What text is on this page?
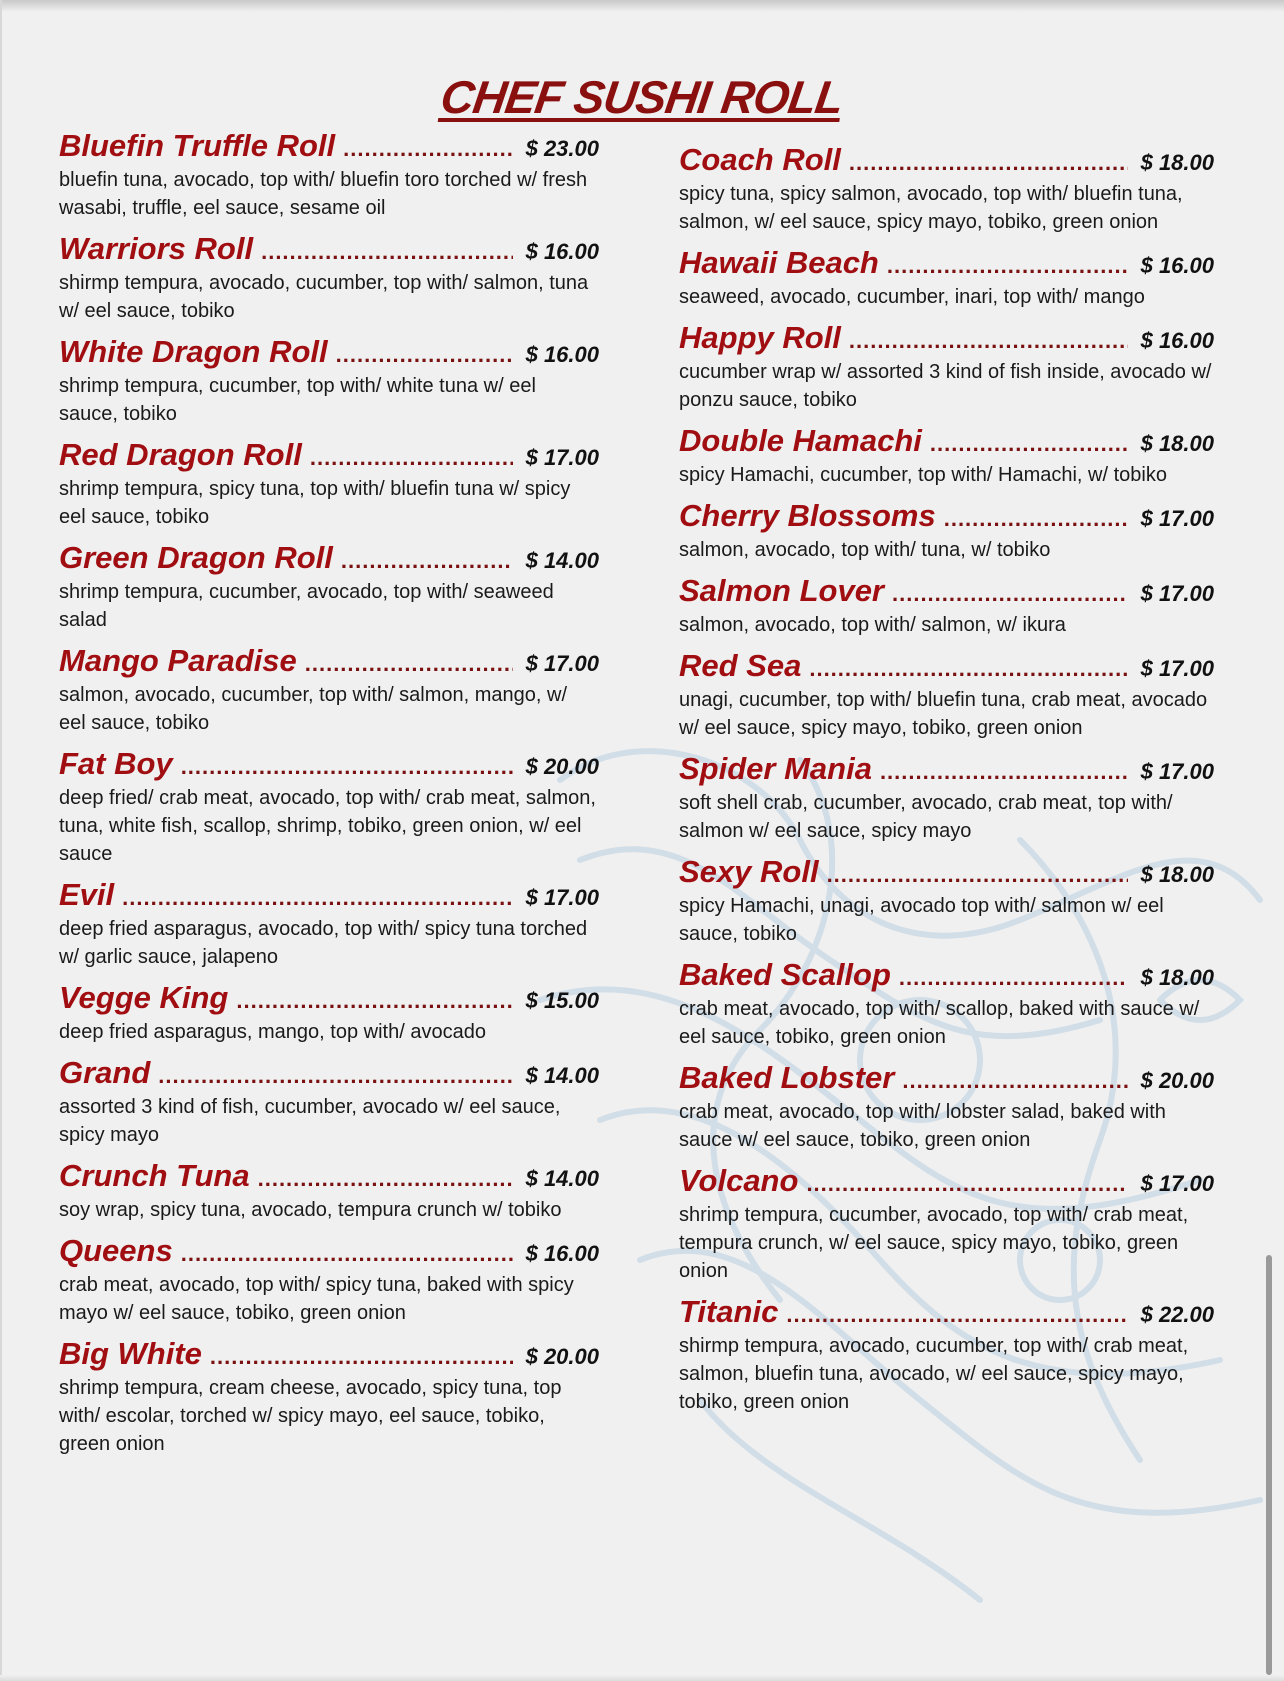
CHEF SUSHI ROLL
Bluefin Truffle Roll .....	$ 23.00
bluefin tuna, avocado, top with/ bluefin toro torched w/ fresh wasabi, truffle, eel sauce, sesame oil
Warriors Roll .....	$ 16.00
shirmp tempura, avocado, cucumber, top with/ salmon, tuna w/ eel sauce, tobiko
White Dragon Roll .....	$ 16.00
shrimp tempura, cucumber, top with/ white tuna w/ eel sauce, tobiko
Red Dragon Roll .....	$ 17.00
shrimp tempura, spicy tuna, top with/ bluefin tuna w/ spicy eel sauce, tobiko
Green Dragon Roll .....	$ 14.00
shrimp tempura, cucumber, avocado, top with/ seaweed salad
Mango Paradise .....	$ 17.00
salmon, avocado, cucumber, top with/ salmon, mango, w/ eel sauce, tobiko
Fat Boy .....	$ 20.00
deep fried/ crab meat, avocado, top with/ crab meat, salmon, tuna, white fish, scallop, shrimp, tobiko, green onion, w/ eel sauce
Evil .....	$ 17.00
deep fried asparagus, avocado, top with/ spicy tuna torched w/ garlic sauce, jalapeno
Vegge King .....	$ 15.00
deep fried asparagus, mango, top with/ avocado
Grand .....	$ 14.00
assorted 3 kind of fish, cucumber, avocado w/ eel sauce, spicy mayo
Crunch Tuna .....	$ 14.00
soy wrap, spicy tuna, avocado, tempura crunch w/ tobiko
Queens .....	$ 16.00
crab meat, avocado, top with/ spicy tuna, baked with spicy mayo w/ eel sauce, tobiko, green onion
Big White .....	$ 20.00
shrimp tempura, cream cheese, avocado, spicy tuna, top with/ escolar, torched w/ spicy mayo, eel sauce, tobiko, green onion
Coach Roll .....	$ 18.00
spicy tuna, spicy salmon, avocado, top with/ bluefin tuna, salmon, w/ eel sauce, spicy mayo, tobiko, green onion
Hawaii Beach .....	$ 16.00
seaweed, avocado, cucumber, inari, top with/ mango
Happy Roll .....	$ 16.00
cucumber wrap w/ assorted 3 kind of fish inside, avocado w/ ponzu sauce, tobiko
Double Hamachi .....	$ 18.00
spicy Hamachi, cucumber, top with/ Hamachi, w/ tobiko
Cherry Blossoms .....	$ 17.00
salmon, avocado, top with/ tuna, w/ tobiko
Salmon Lover .....	$ 17.00
salmon, avocado, top with/ salmon, w/ ikura
Red Sea .....	$ 17.00
unagi, cucumber, top with/ bluefin tuna, crab meat, avocado w/ eel sauce, spicy mayo, tobiko, green onion
Spider Mania .....	$ 17.00
soft shell crab, cucumber, avocado, crab meat, top with/ salmon w/ eel sauce, spicy mayo
Sexy Roll .....	$ 18.00
spicy Hamachi, unagi, avocado top with/ salmon w/ eel sauce, tobiko
Baked Scallop .....	$ 18.00
crab meat, avocado, top with/ scallop, baked with sauce w/ eel sauce, tobiko, green onion
Baked Lobster .....	$ 20.00
crab meat, avocado, top with/ lobster salad, baked with sauce w/ eel sauce, tobiko, green onion
Volcano .....	$ 17.00
shrimp tempura, cucumber, avocado, top with/ crab meat, tempura crunch, w/ eel sauce, spicy mayo, tobiko, green onion
Titanic .....	$ 22.00
shirmp tempura, avocado, cucumber, top with/ crab meat, salmon, bluefin tuna, avocado, w/ eel sauce, spicy mayo, tobiko, green onion
